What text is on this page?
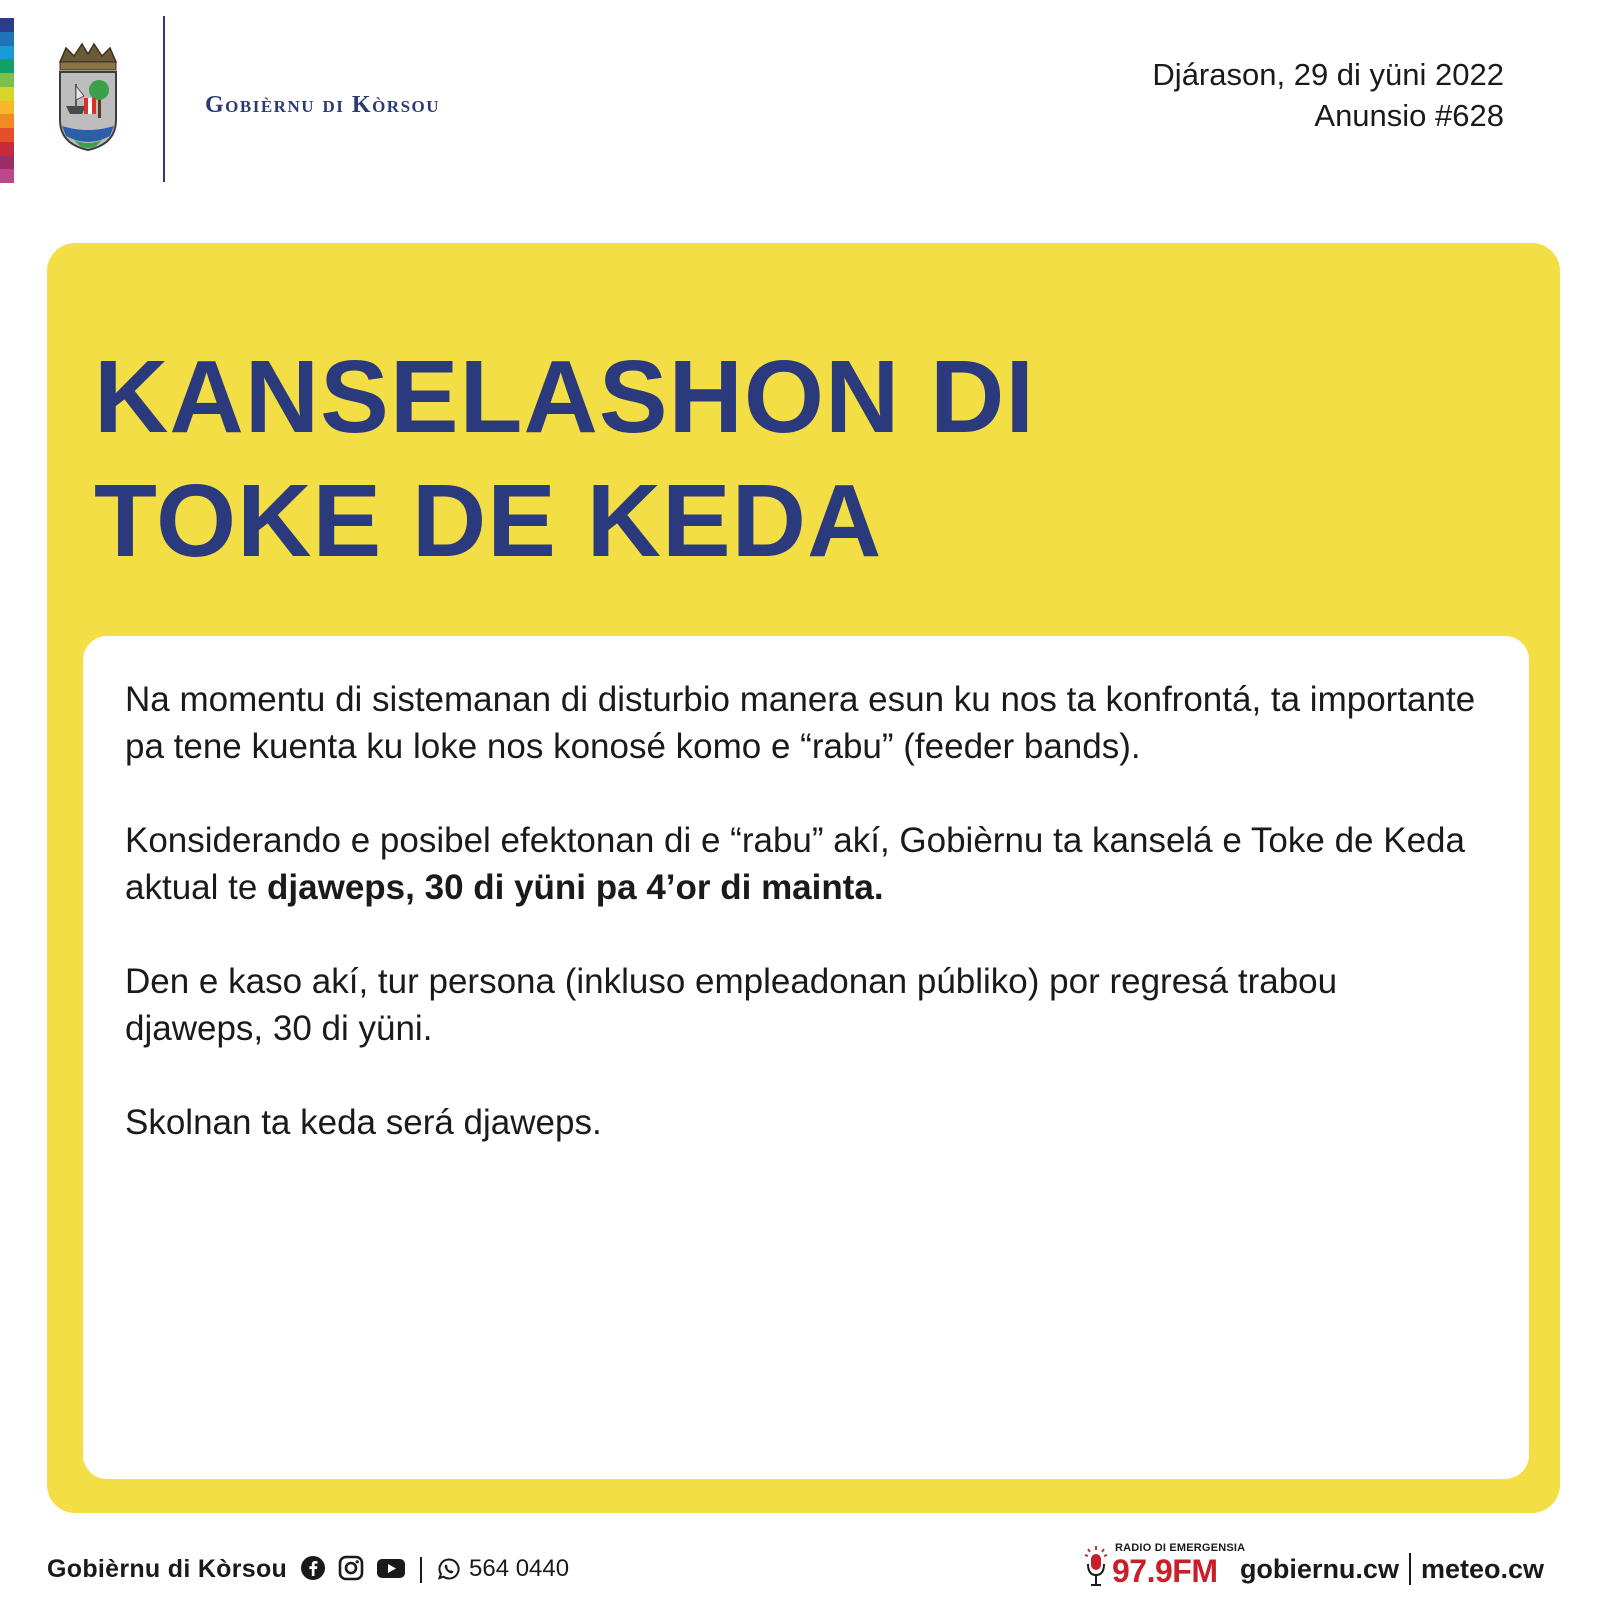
Gobièrnu di Kòrsou
Djárason, 29 di yüni 2022
Anunsio #628
KANSELASHON DI
TOKE DE KEDA

Na momentu di sistemanan di disturbio manera esun ku nos ta konfrontá, ta importante pa tene kuenta ku loke nos konosé komo e “rabu” (feeder bands).

Konsiderando e posibel efektonan di e “rabu” akí, Gobièrnu ta kanselá e Toke de Keda aktual te djaweps, 30 di yüni pa 4’or di mainta.

Den e kaso akí, tur persona (inkluso empleadonan públiko) por regresá trabou djaweps, 30 di yüni.

Skolnan ta keda será djaweps.

Gobièrnu di Kòrsou	564 0440
RADIO DI EMERGENSIA
97.9FM gobiernu.cw meteo.cw
